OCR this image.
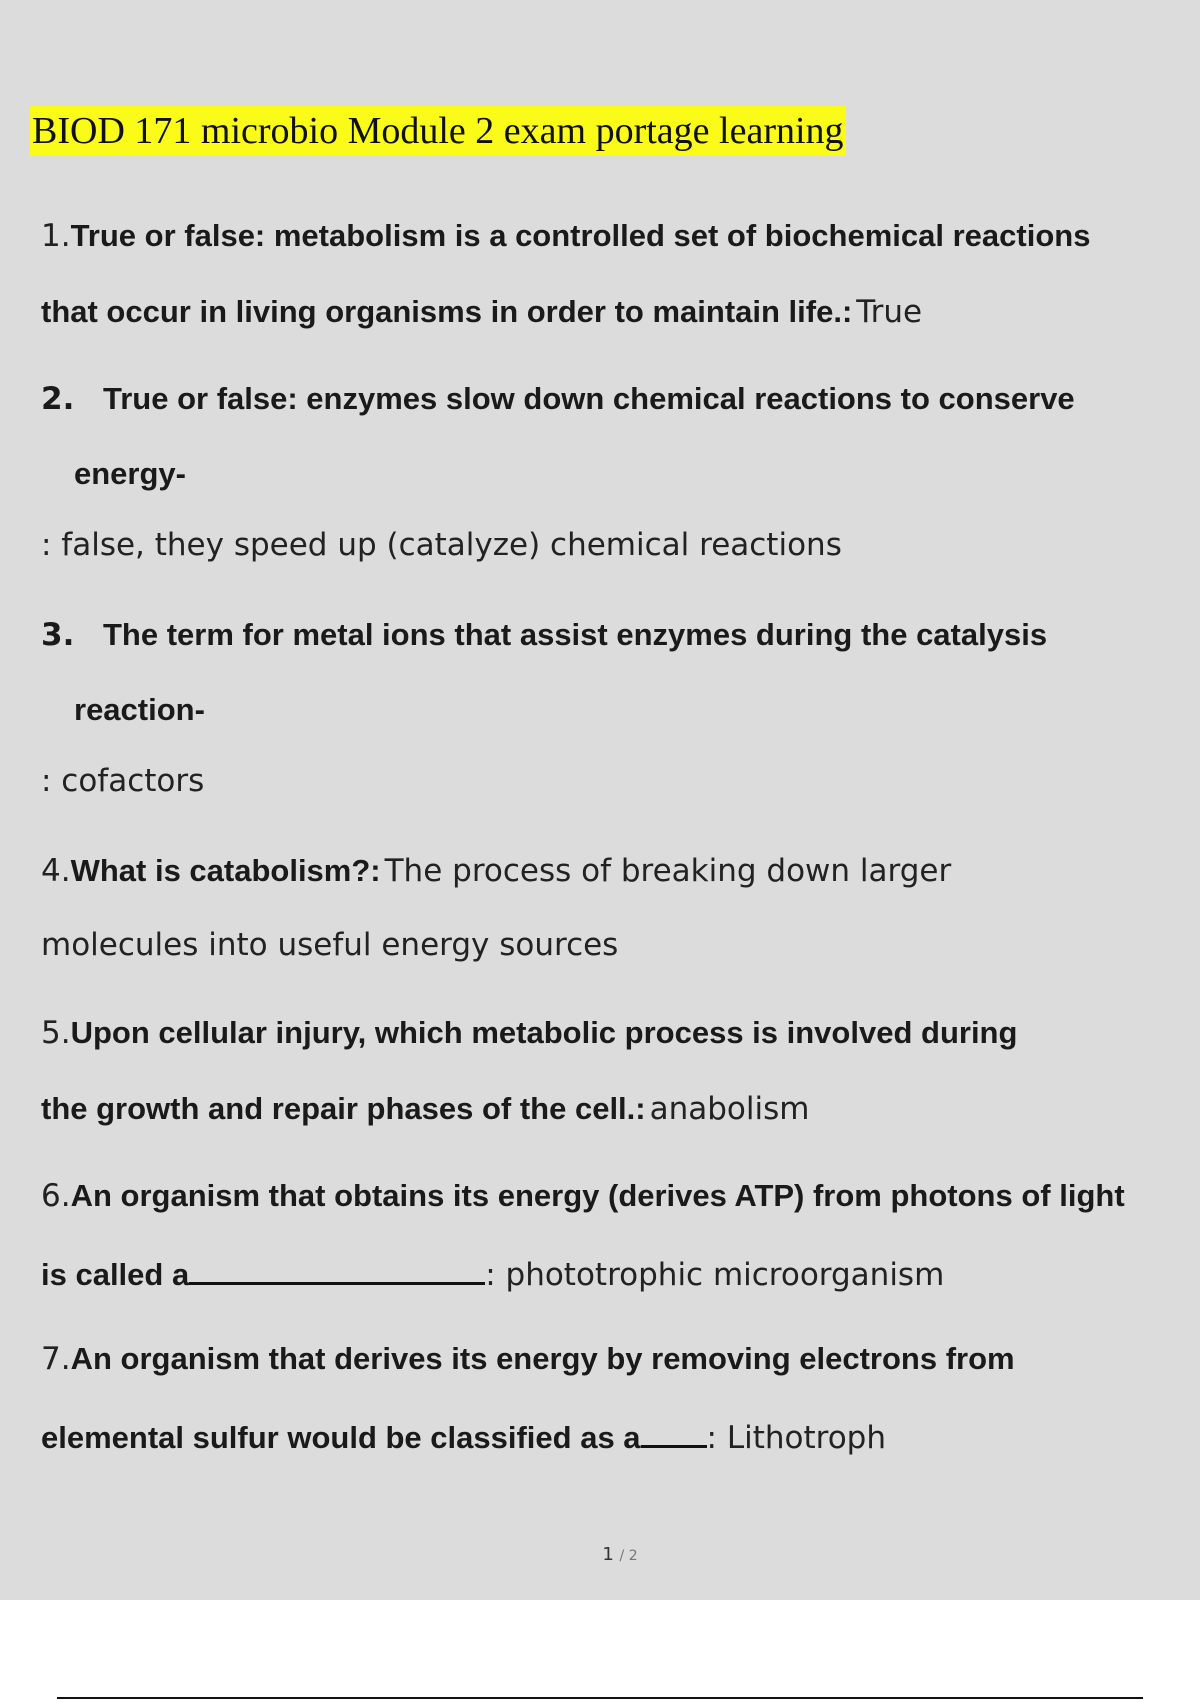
BIOD 171 microbio Module 2 exam portage learning
1.True or false: metabolism is a controlled set of biochemical reactions
that occur in living organisms in order to maintain life.: True
2. True or false: enzymes slow down chemical reactions to conserve
energy-
: false, they speed up (catalyze) chemical reactions
3. The term for metal ions that assist enzymes during the catalysis
reaction-
: cofactors
4.What is catabolism?: The process of breaking down larger
molecules into useful energy sources
5.Upon cellular injury, which metabolic process is involved during
the growth and repair phases of the cell.: anabolism
6.An organism that obtains its energy (derives ATP) from photons of light
is called a	: phototrophic microorganism
7.An organism that derives its energy by removing electrons from
elemental sulfur would be classified as a : Lithotroph
1 / 2
